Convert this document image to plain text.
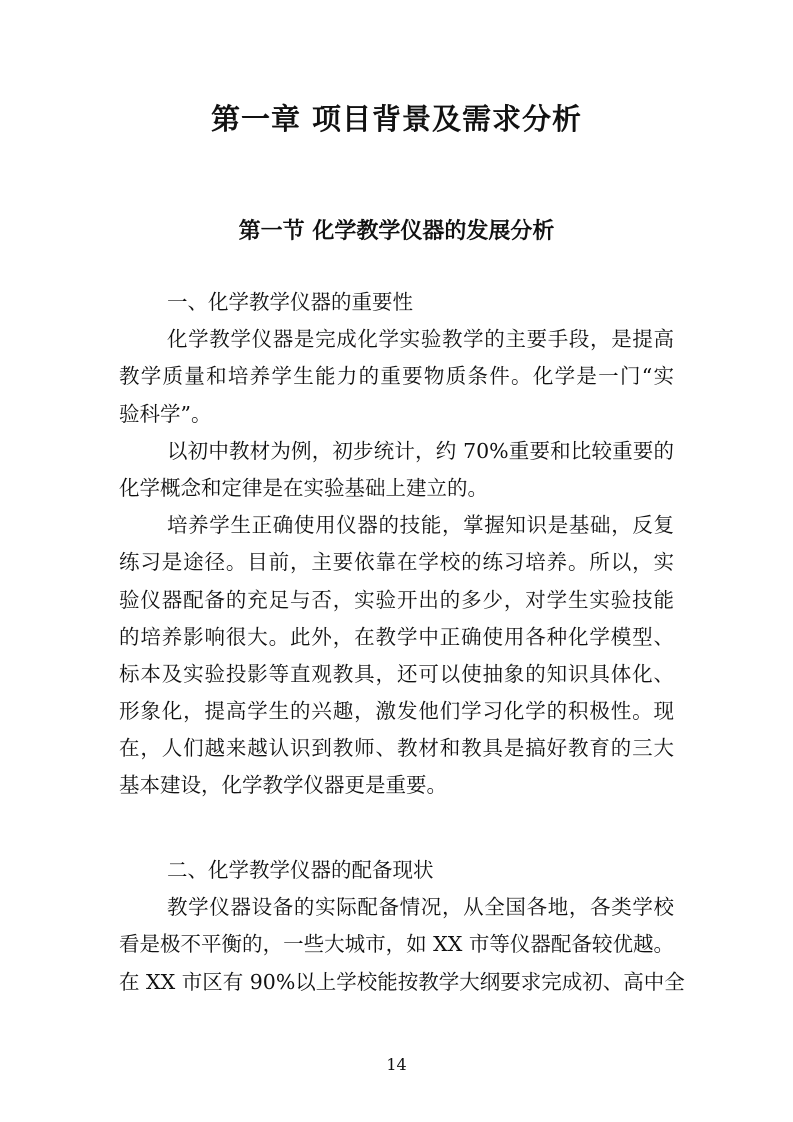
第一章 项目背景及需求分析
第一节 化学教学仪器的发展分析
一、化学教学仪器的重要性
化学教学仪器是完成化学实验教学的主要手段，是提高
教学质量和培养学生能力的重要物质条件。化学是一门“实
验科学”。
以初中教材为例，初步统计，约 70%重要和比较重要的
化学概念和定律是在实验基础上建立的。
培养学生正确使用仪器的技能，掌握知识是基础，反复
练习是途径。目前，主要依靠在学校的练习培养。所以，实
验仪器配备的充足与否，实验开出的多少，对学生实验技能
的培养影响很大。此外，在教学中正确使用各种化学模型、
标本及实验投影等直观教具，还可以使抽象的知识具体化、
形象化，提高学生的兴趣，激发他们学习化学的积极性。现
在，人们越来越认识到教师、教材和教具是搞好教育的三大
基本建设，化学教学仪器更是重要。
二、化学教学仪器的配备现状
教学仪器设备的实际配备情况，从全国各地，各类学校
看是极不平衡的，一些大城市，如 XX 市等仪器配备较优越。
在 XX 市区有 90%以上学校能按教学大纲要求完成初、高中全
14
